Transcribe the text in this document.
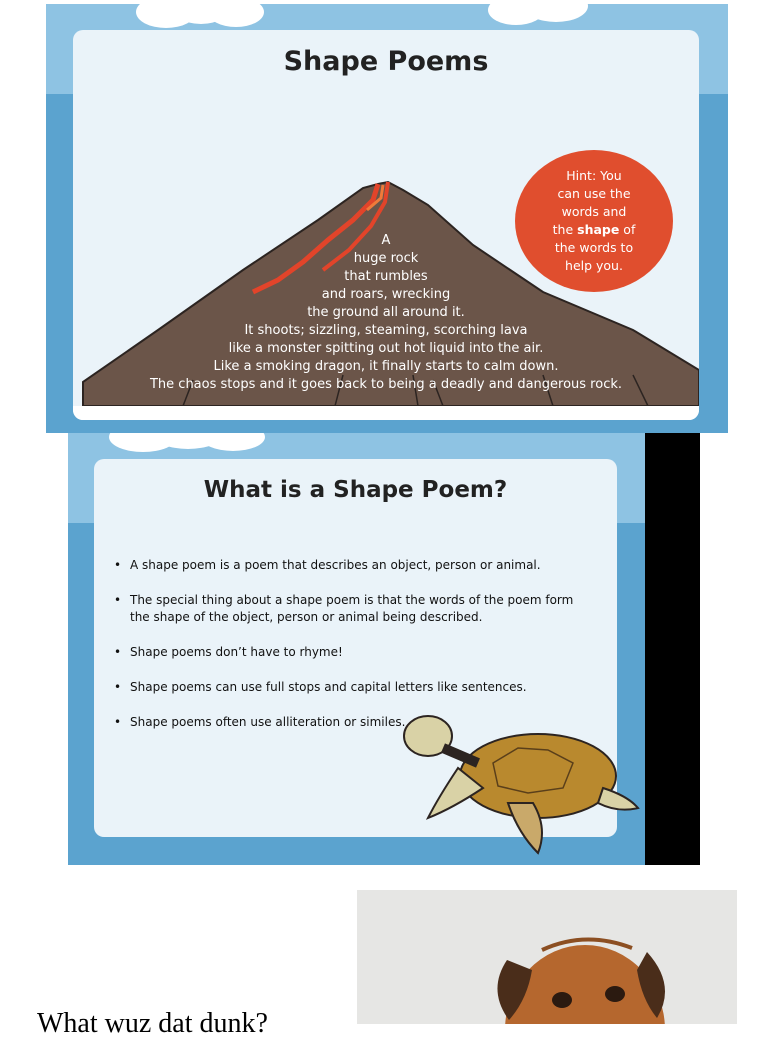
Shape Poems
A
huge rock
that rumbles
and roars, wrecking
the ground all around it.
It shoots; sizzling, steaming, scorching lava
like a monster spitting out hot liquid into the air.
Like a smoking dragon, it finally starts to calm down.
The chaos stops and it goes back to being a deadly and dangerous rock.
Hint: You
can use the
words and
the shape of
the words to
help you.
What is a Shape Poem?
• A shape poem is a poem that describes an object, person or animal.
• The special thing about a shape poem is that the words of the poem form the shape of the object, person or animal being described.
• Shape poems don’t have to rhyme!
• Shape poems can use full stops and capital letters like sentences.
• Shape poems often use alliteration or similes.
What wuz dat dunk?
